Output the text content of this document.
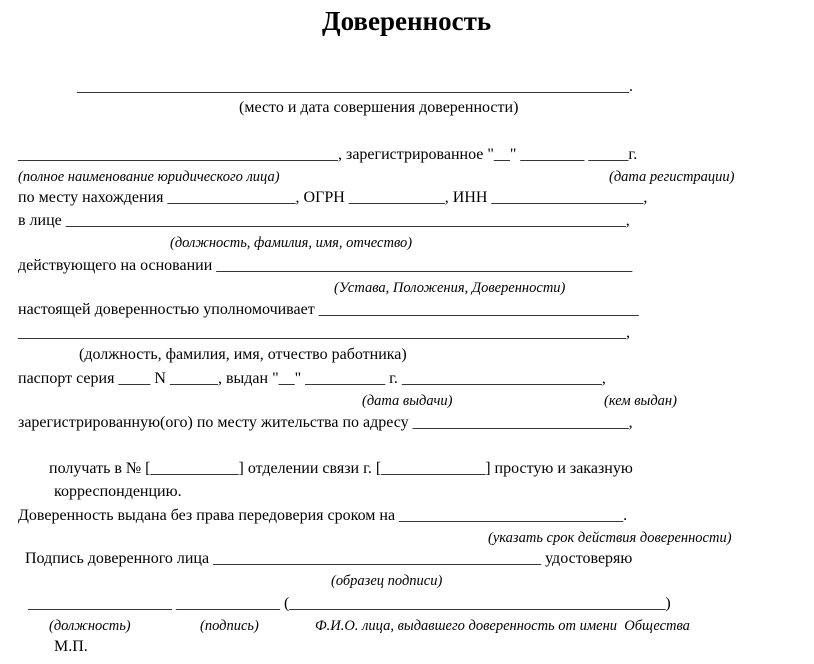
Доверенность
_____________________________________________________________________.
(место и дата совершения доверенности)
________________________________________, зарегистрированное "__" ________ _____г.
(полное наименование юридического лица)	(дата регистрации)
по месту нахождения ________________, ОГРН ____________, ИНН ___________________,
в лице ______________________________________________________________________,
(должность, фамилия, имя, отчество)
действующего на основании ____________________________________________________
(Устава, Положения, Доверенности)
настоящей доверенностью уполномочивает ________________________________________
____________________________________________________________________________,
(должность, фамилия, имя, отчество работника)
паспорт серия ____ N ______, выдан "__" __________ г. _________________________,
(дата выдачи)	(кем выдан)
зарегистрированную(ого) по месту жительства по адресу ___________________________,
получать в № [___________] отделении связи г. [_____________] простую и заказную
корреспонденцию.
Доверенность выдана без права передоверия сроком на ____________________________.
(указать срок действия доверенности)
Подпись доверенного лица _________________________________________ удостоверяю
(образец подписи)
__________________ _____________ (_______________________________________________)
(должность)	(подпись)	Ф.И.О. лица, выдавшего доверенность от имени  Общества
М.П.
